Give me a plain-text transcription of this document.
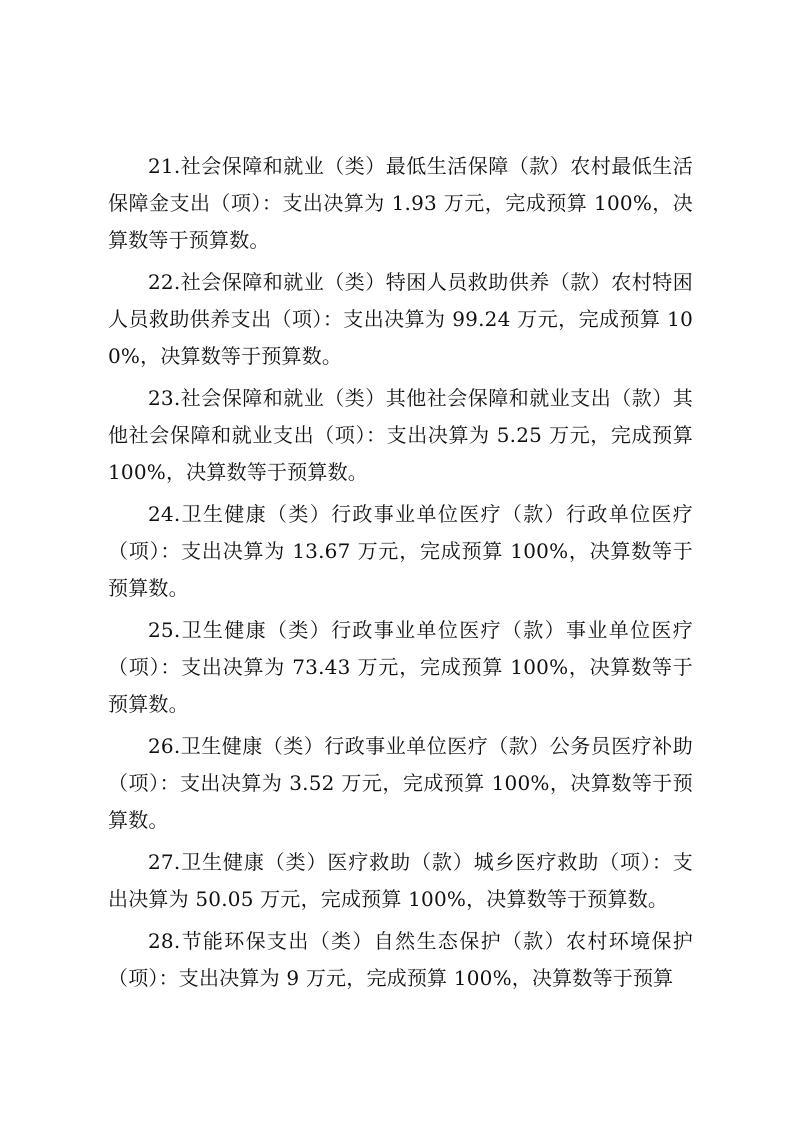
21.社会保障和就业（类）最低生活保障（款）农村最低生活保障金支出（项）：支出决算为 1.93 万元，完成预算 100%，决算数等于预算数。

22.社会保障和就业（类）特困人员救助供养（款）农村特困人员救助供养支出（项）：支出决算为 99.24 万元，完成预算 100%，决算数等于预算数。

23.社会保障和就业（类）其他社会保障和就业支出（款）其他社会保障和就业支出（项）：支出决算为 5.25 万元，完成预算 100%，决算数等于预算数。

24.卫生健康（类）行政事业单位医疗（款）行政单位医疗（项）：支出决算为 13.67 万元，完成预算 100%，决算数等于预算数。

25.卫生健康（类）行政事业单位医疗（款）事业单位医疗（项）：支出决算为 73.43 万元，完成预算 100%，决算数等于预算数。

26.卫生健康（类）行政事业单位医疗（款）公务员医疗补助（项）：支出决算为 3.52 万元，完成预算 100%，决算数等于预算数。

27.卫生健康（类）医疗救助（款）城乡医疗救助（项）：支出决算为 50.05 万元，完成预算 100%，决算数等于预算数。

28.节能环保支出（类）自然生态保护（款）农村环境保护（项）：支出决算为 9 万元，完成预算 100%，决算数等于预算
